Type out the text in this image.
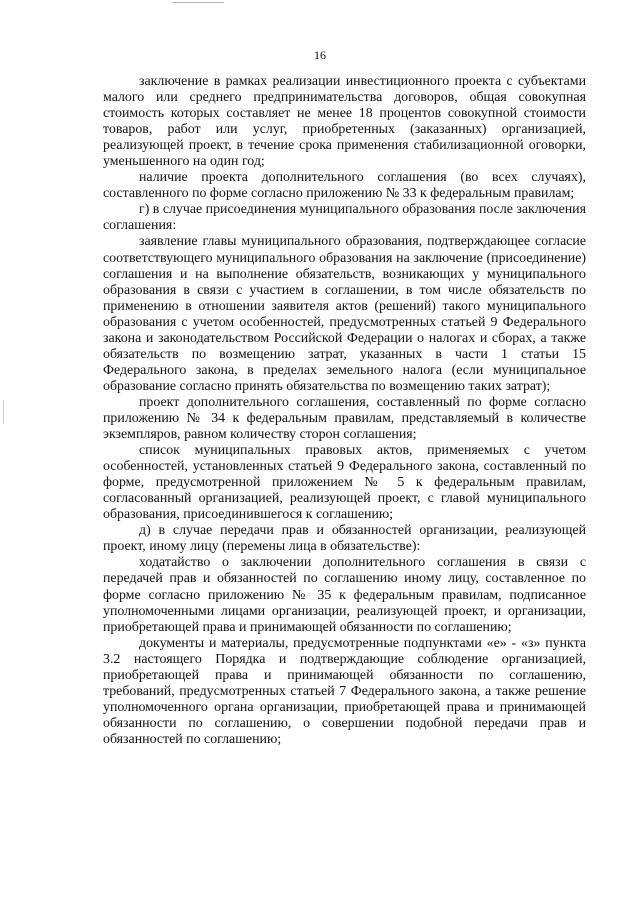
16

заключение в рамках реализации инвестиционного проекта с субъектами малого или среднего предпринимательства договоров, общая совокупная стоимость которых составляет не менее 18 процентов совокупной стоимости товаров, работ или услуг, приобретенных (заказанных) организацией, реализующей проект, в течение срока применения стабилизационной оговорки, уменьшенного на один год;

наличие проекта дополнительного соглашения (во всех случаях), составленного по форме согласно приложению № 33 к федеральным правилам;

г) в случае присоединения муниципального образования после заключения соглашения:

заявление главы муниципального образования, подтверждающее согласие соответствующего муниципального образования на заключение (присоединение) соглашения и на выполнение обязательств, возникающих у муниципального образования в связи с участием в соглашении, в том числе обязательств по применению в отношении заявителя актов (решений) такого муниципального образования с учетом особенностей, предусмотренных статьей 9 Федерального закона и законодательством Российской Федерации о налогах и сборах, а также обязательств по возмещению затрат, указанных в части 1 статьи 15 Федерального закона, в пределах земельного налога (если муниципальное образование согласно принять обязательства по возмещению таких затрат);

проект дополнительного соглашения, составленный по форме согласно приложению № 34 к федеральным правилам, представляемый в количестве экземпляров, равном количеству сторон соглашения;

список муниципальных правовых актов, применяемых с учетом особенностей, установленных статьей 9 Федерального закона, составленный по форме, предусмотренной приложением № 5 к федеральным правилам, согласованный организацией, реализующей проект, с главой муниципального образования, присоединившегося к соглашению;

д) в случае передачи прав и обязанностей организации, реализующей проект, иному лицу (перемены лица в обязательстве):

ходатайство о заключении дополнительного соглашения в связи с передачей прав и обязанностей по соглашению иному лицу, составленное по форме согласно приложению № 35 к федеральным правилам, подписанное уполномоченными лицами организации, реализующей проект, и организации, приобретающей права и принимающей обязанности по соглашению;

документы и материалы, предусмотренные подпунктами «е» - «з» пункта 3.2 настоящего Порядка и подтверждающие соблюдение организацией, приобретающей права и принимающей обязанности по соглашению, требований, предусмотренных статьей 7 Федерального закона, а также решение уполномоченного органа организации, приобретающей права и принимающей обязанности по соглашению, о совершении подобной передачи прав и обязанностей по соглашению;
